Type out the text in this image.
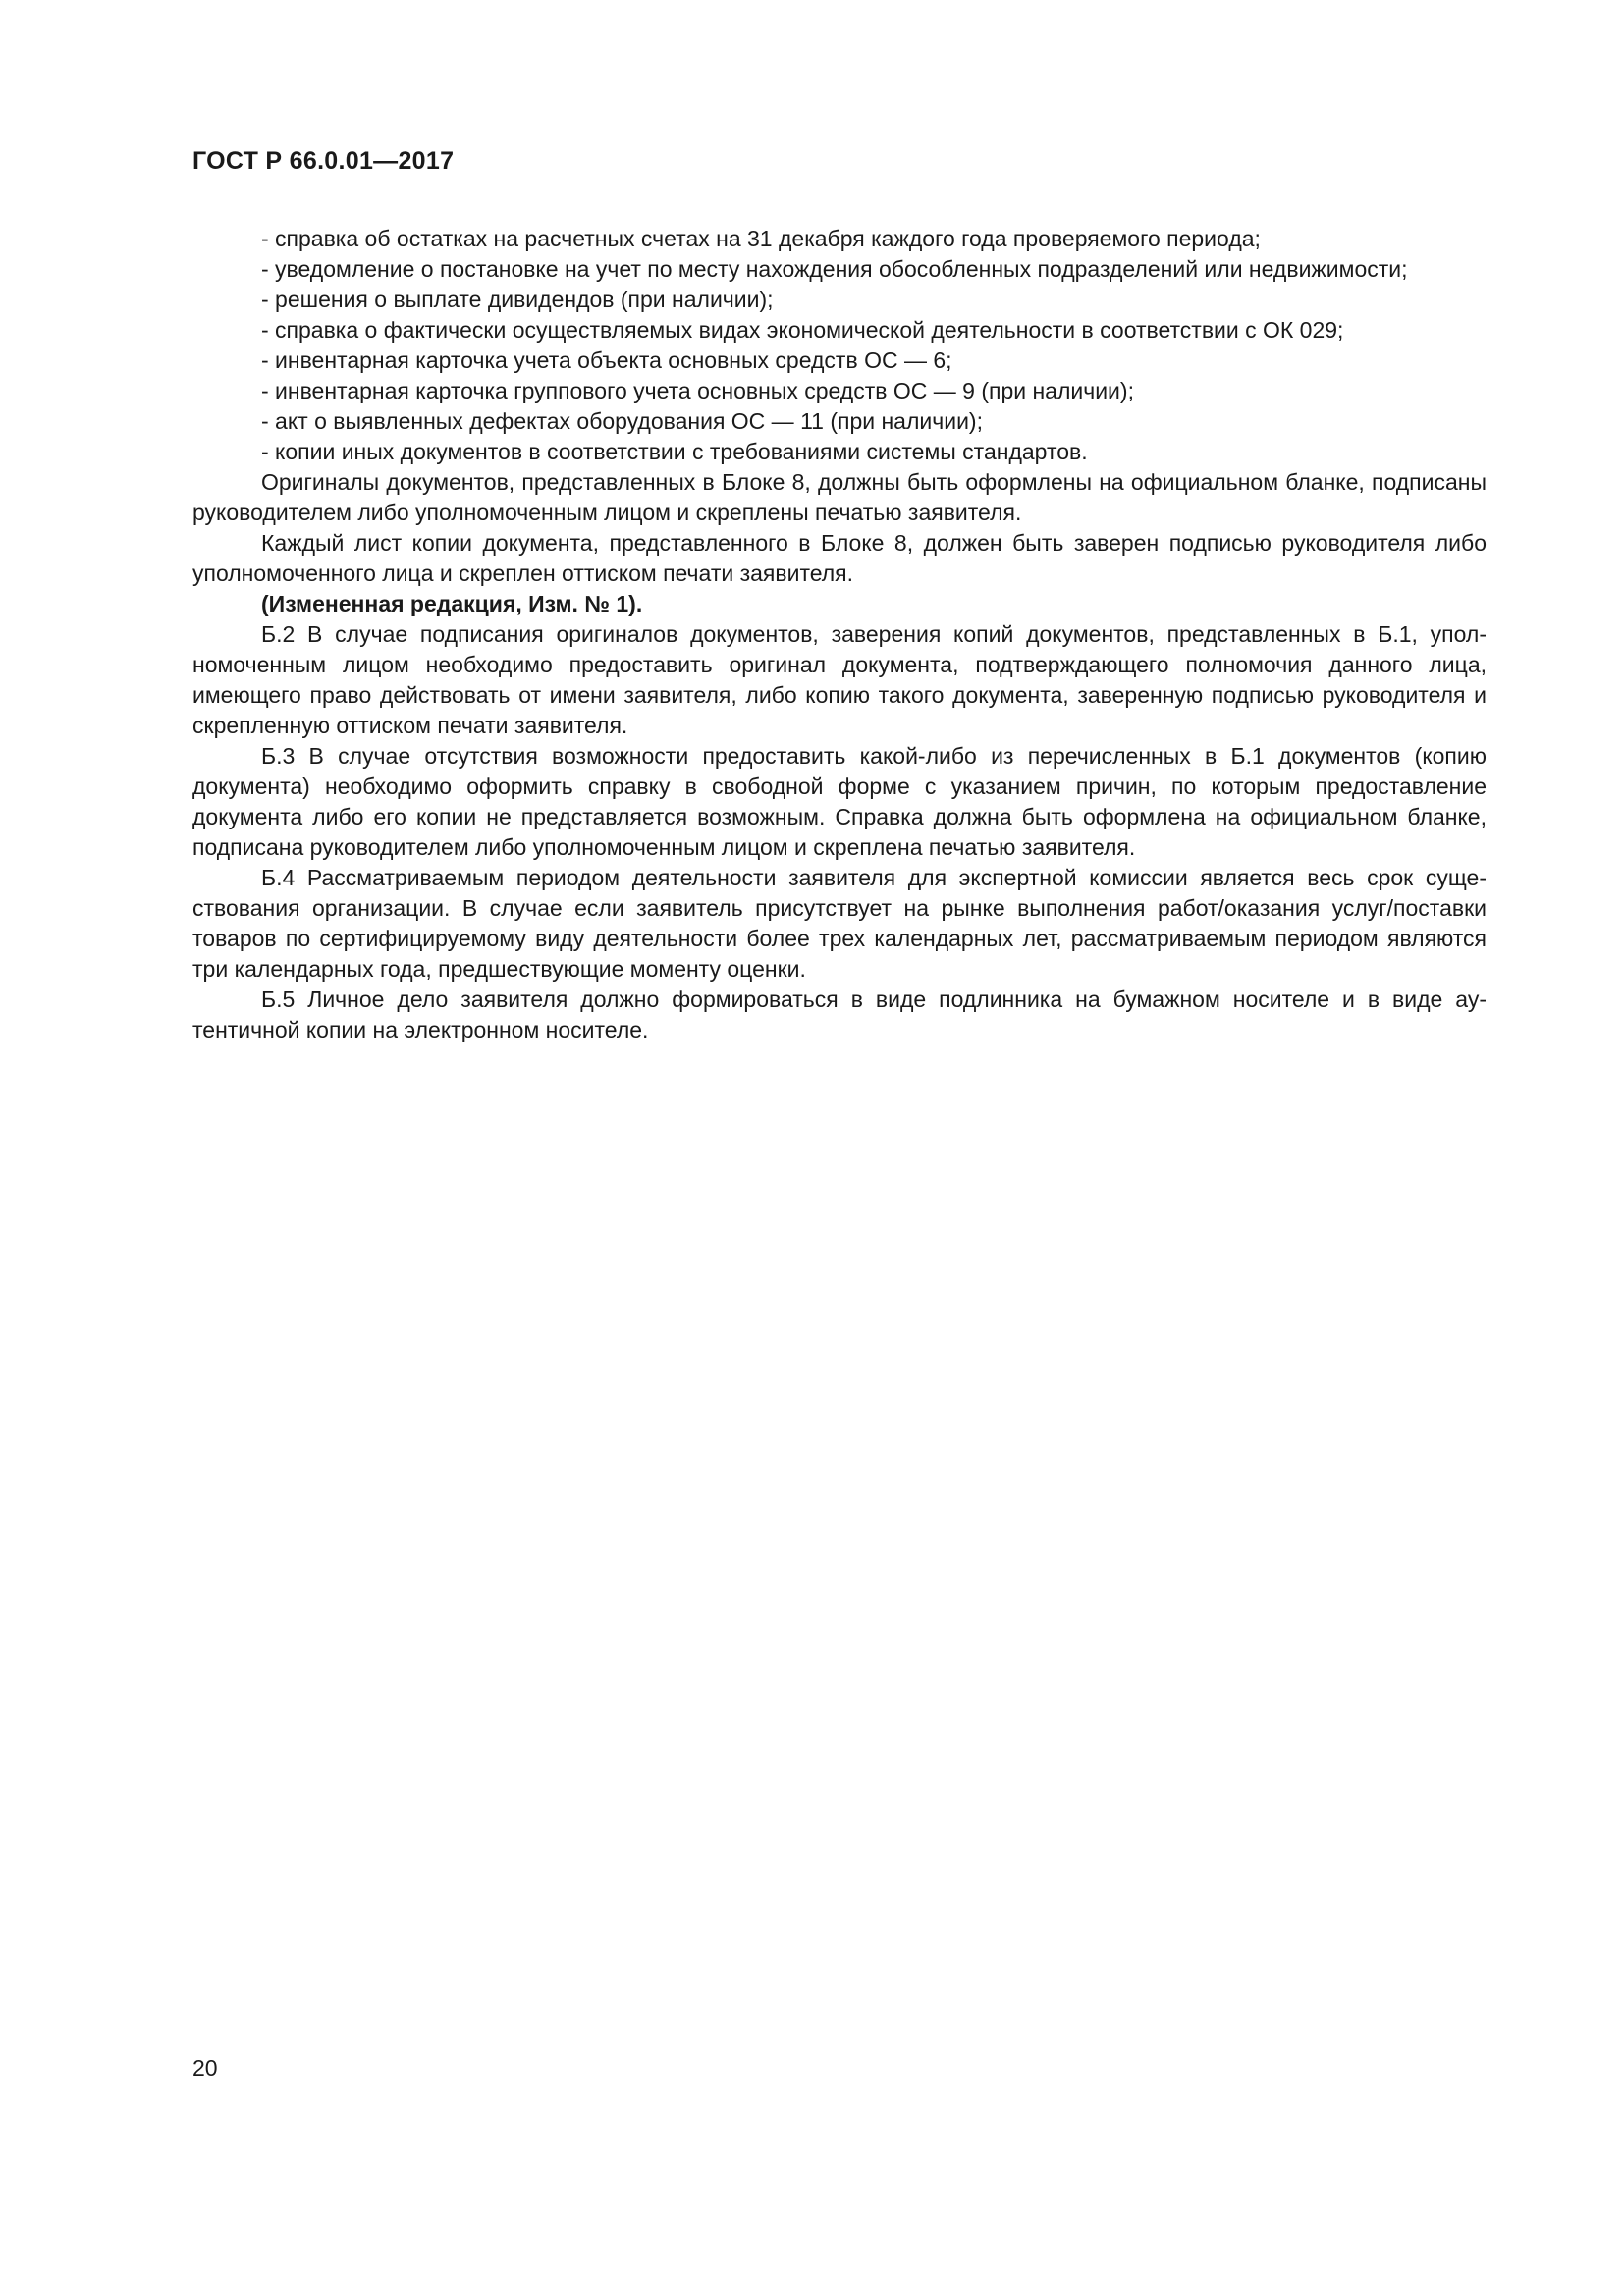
ГОСТ Р 66.0.01—2017

- справка об остатках на расчетных счетах на 31 декабря каждого года проверяемого периода;

- уведомление о постановке на учет по месту нахождения обособленных подразделений или недвижимости;

- решения о выплате дивидендов (при наличии);

- справка о фактически осуществляемых видах экономической деятельности в соответствии с ОК 029;

- инвентарная карточка учета объекта основных средств ОС — 6;

- инвентарная карточка группового учета основных средств ОС — 9 (при наличии);

- акт о выявленных дефектах оборудования ОС — 11 (при наличии);

- копии иных документов в соответствии с требованиями системы стандартов.

Оригиналы документов, представленных в Блоке 8, должны быть оформлены на официальном бланке, подписаны руководителем либо уполномоченным лицом и скреплены печатью заявителя.

Каждый лист копии документа, представленного в Блоке 8, должен быть заверен подписью руководителя либо уполномоченного лица и скреплен оттиском печати заявителя.

(Измененная редакция, Изм. № 1).

Б.2 В случае подписания оригиналов документов, заверения копий документов, представленных в Б.1, уполномоченным лицом необходимо предоставить оригинал документа, подтверждающего полномочия данного лица, имеющего право действовать от имени заявителя, либо копию такого документа, заверенную подписью руководителя и скрепленную оттиском печати заявителя.

Б.3 В случае отсутствия возможности предоставить какой-либо из перечисленных в Б.1 документов (копию документа) необходимо оформить справку в свободной форме с указанием причин, по которым предоставление документа либо его копии не представляется возможным. Справка должна быть оформлена на официальном бланке, подписана руководителем либо уполномоченным лицом и скреплена печатью заявителя.

Б.4 Рассматриваемым периодом деятельности заявителя для экспертной комиссии является весь срок существования организации. В случае если заявитель присутствует на рынке выполнения работ/оказания услуг/поставки товаров по сертифицируемому виду деятельности более трех календарных лет, рассматриваемым периодом являются три календарных года, предшествующие моменту оценки.

Б.5 Личное дело заявителя должно формироваться в виде подлинника на бумажном носителе и в виде аутентичной копии на электронном носителе.

20
